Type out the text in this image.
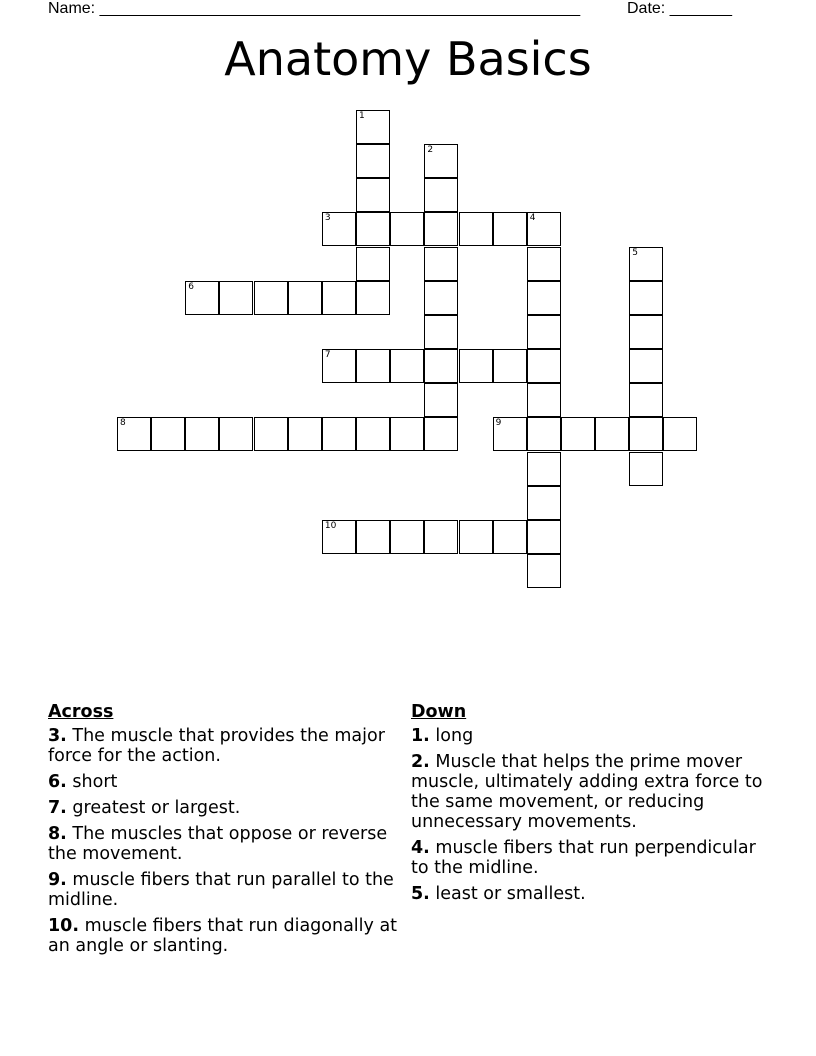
Name: ______________________________________________________	Date: _______
Anatomy Basics
1
2
3	4
5
6
7
8	9
10
Across
3. The muscle that provides the major force for the action.
6. short
7. greatest or largest.
8. The muscles that oppose or reverse the movement.
9. muscle fibers that run parallel to the midline.
10. muscle fibers that run diagonally at an angle or slanting.
Down
1. long
2. Muscle that helps the prime mover muscle, ultimately adding extra force to the same movement, or reducing unnecessary movements.
4. muscle fibers that run perpendicular to the midline.
5. least or smallest.
